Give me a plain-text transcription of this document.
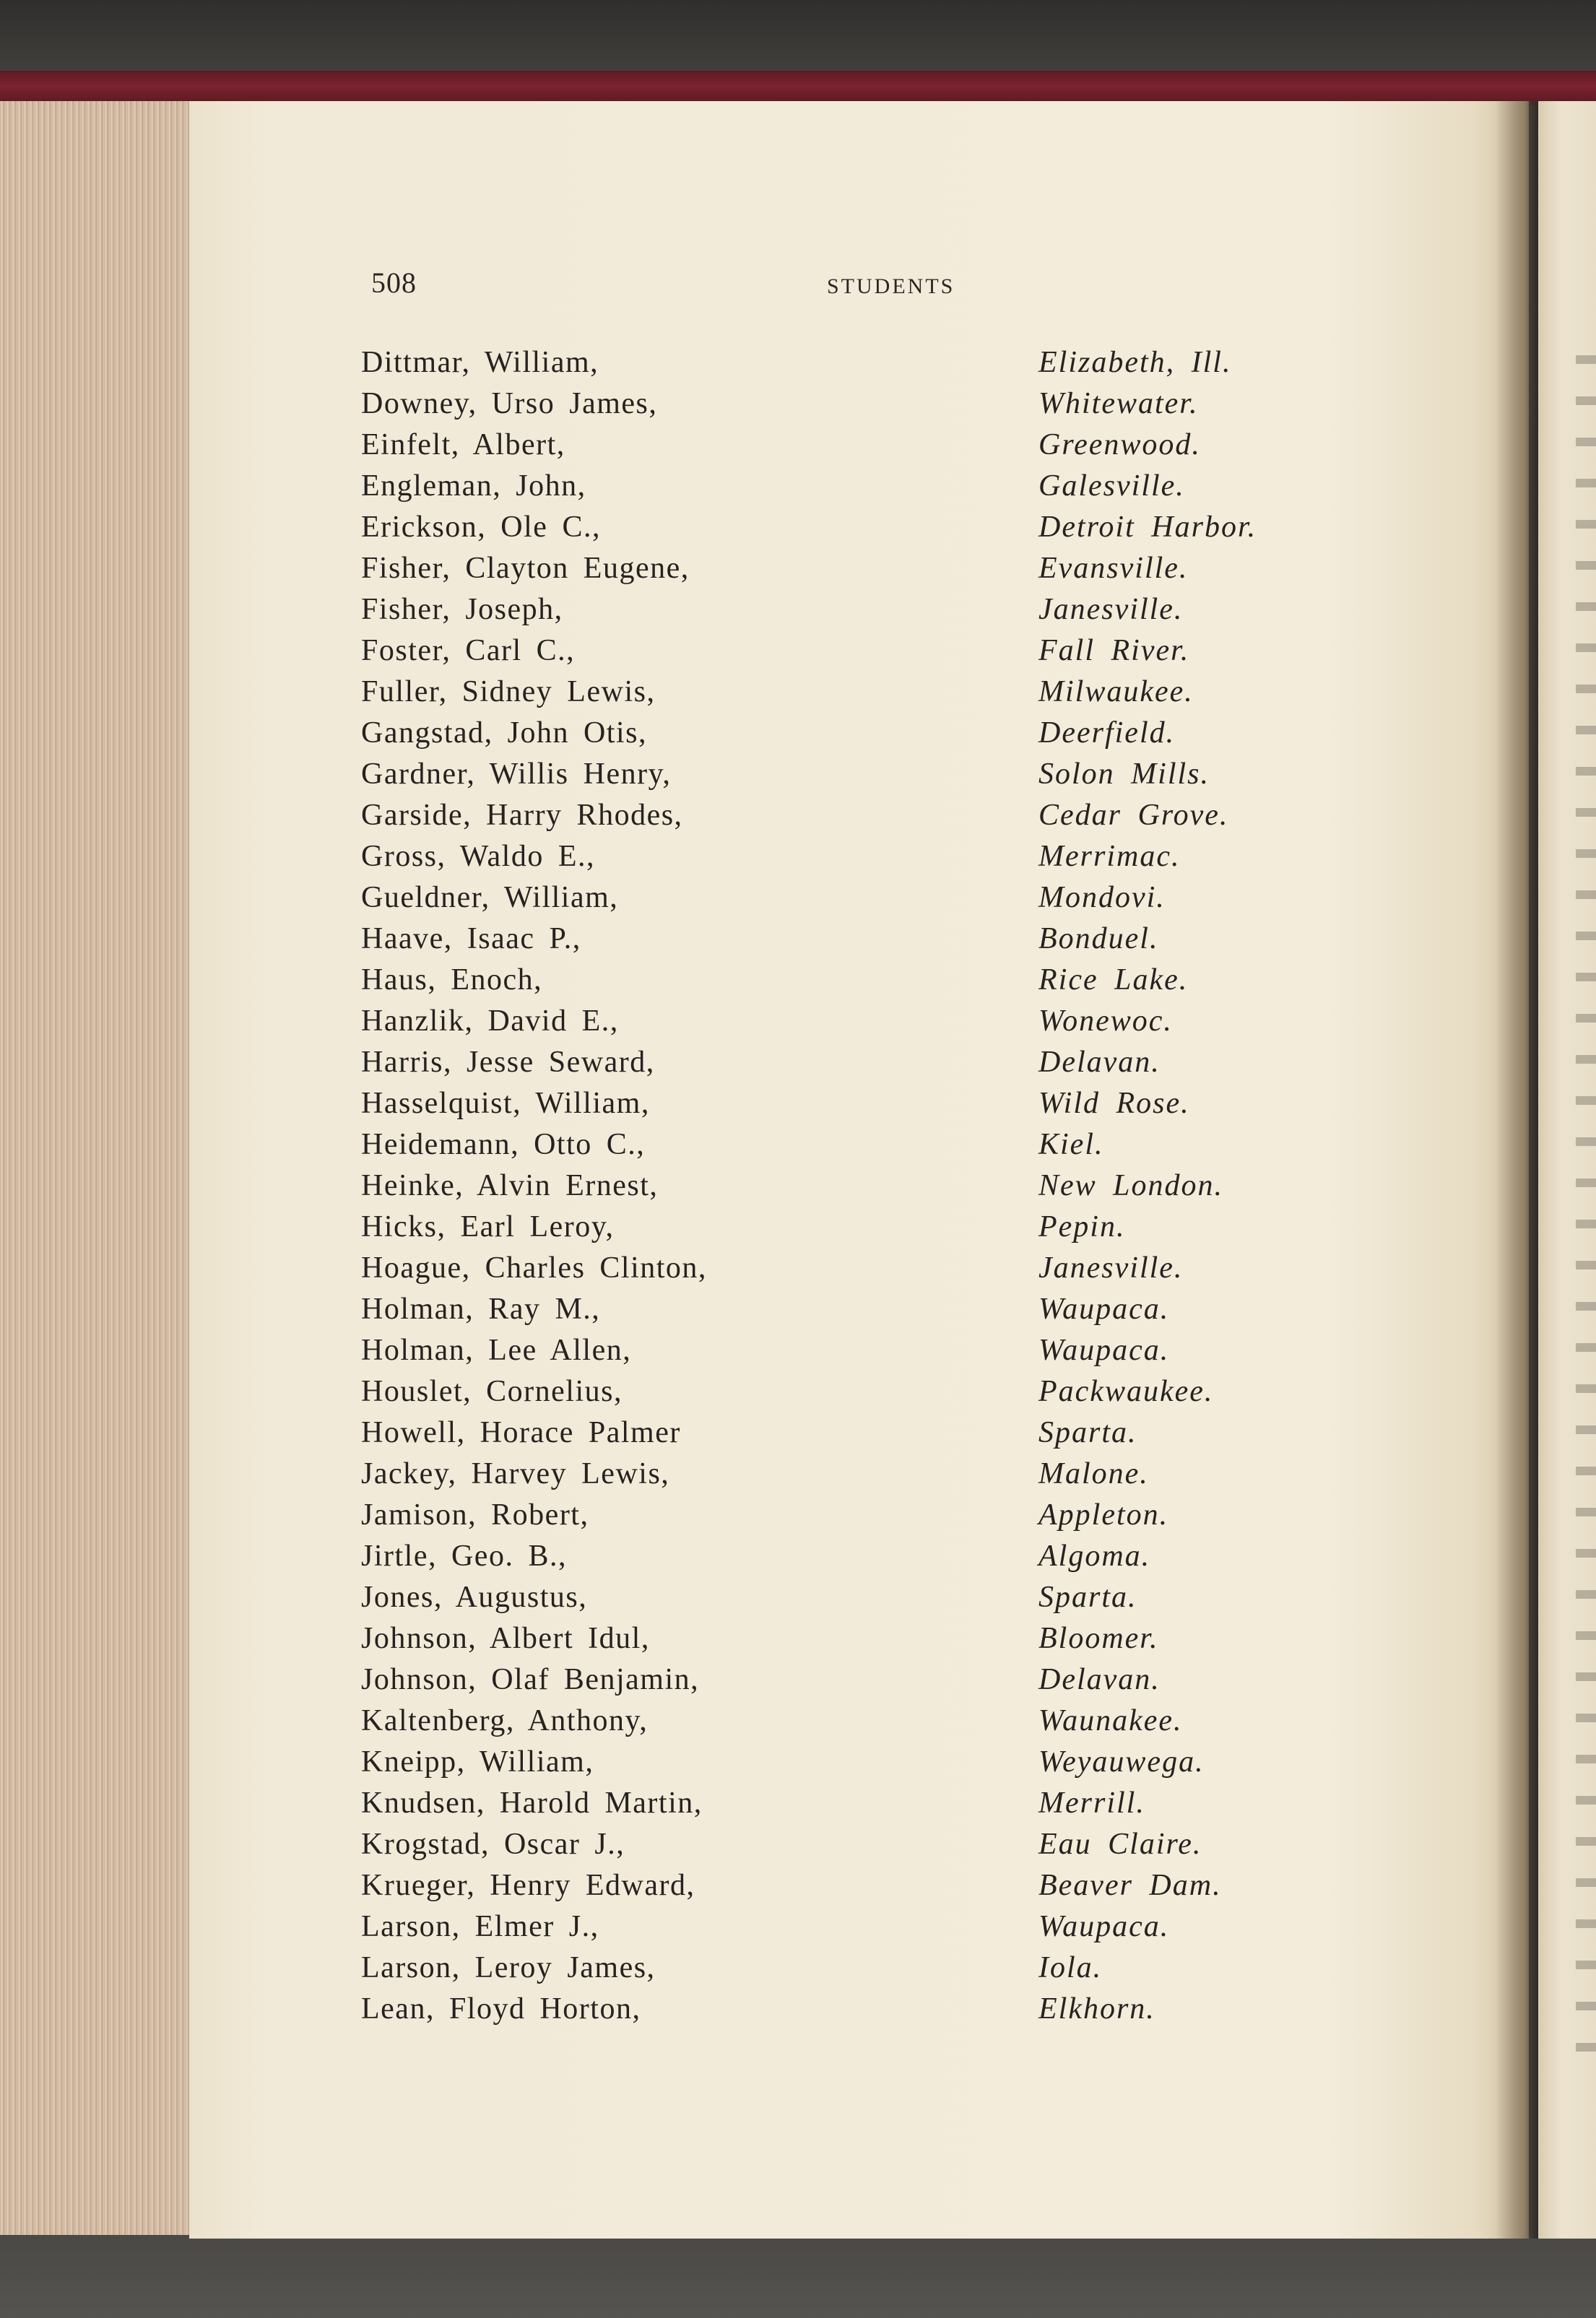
508	STUDENTS
Dittmar, William,	Elizabeth, Ill.
Downey, Urso James,	Whitewater.
Einfelt, Albert,	Greenwood.
Engleman, John,	Galesville.
Erickson, Ole C.,	Detroit Harbor.
Fisher, Clayton Eugene,	Evansville.
Fisher, Joseph,	Janesville.
Foster, Carl C.,	Fall River.
Fuller, Sidney Lewis,	Milwaukee.
Gangstad, John Otis,	Deerfield.
Gardner, Willis Henry,	Solon Mills.
Garside, Harry Rhodes,	Cedar Grove.
Gross, Waldo E.,	Merrimac.
Gueldner, William,	Mondovi.
Haave, Isaac P.,	Bonduel.
Haus, Enoch,	Rice Lake.
Hanzlik, David E.,	Wonewoc.
Harris, Jesse Seward,	Delavan.
Hasselquist, William,	Wild Rose.
Heidemann, Otto C.,	Kiel.
Heinke, Alvin Ernest,	New London.
Hicks, Earl Leroy,	Pepin.
Hoague, Charles Clinton,	Janesville.
Holman, Ray M.,	Waupaca.
Holman, Lee Allen,	Waupaca.
Houslet, Cornelius,	Packwaukee.
Howell, Horace Palmer	Sparta.
Jackey, Harvey Lewis,	Malone.
Jamison, Robert,	Appleton.
Jirtle, Geo. B.,	Algoma.
Jones, Augustus,	Sparta.
Johnson, Albert Idul,	Bloomer.
Johnson, Olaf Benjamin,	Delavan.
Kaltenberg, Anthony,	Waunakee.
Kneipp, William,	Weyauwega.
Knudsen, Harold Martin,	Merrill.
Krogstad, Oscar J.,	Eau Claire.
Krueger, Henry Edward,	Beaver Dam.
Larson, Elmer J.,	Waupaca.
Larson, Leroy James,	Iola.
Lean, Floyd Horton,	Elkhorn.
